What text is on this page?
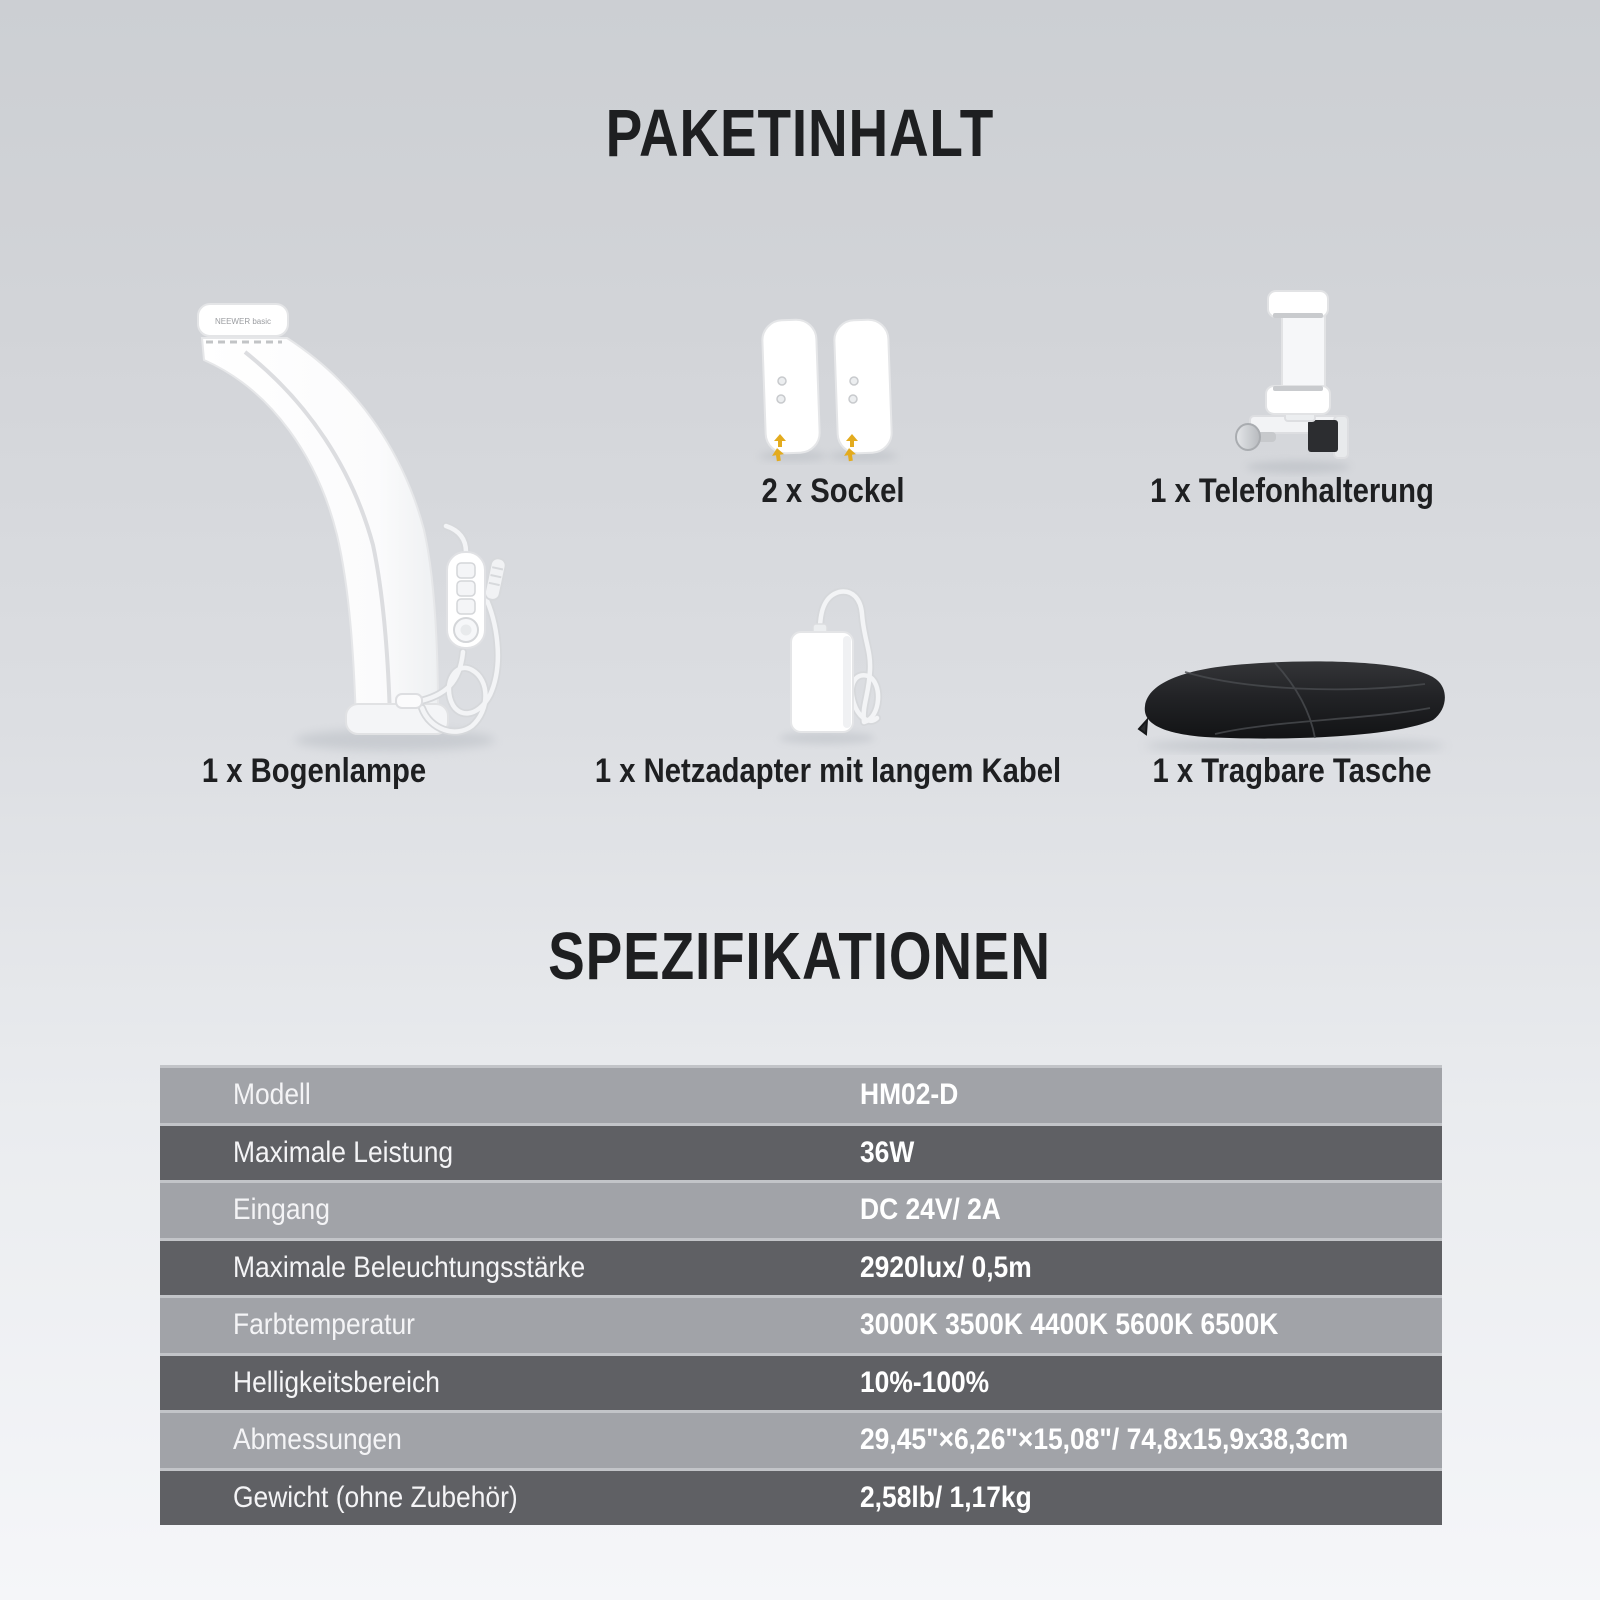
PAKETINHALT
NEEWER basic
1 x Bogenlampe
2 x Sockel	1 x Telefonhalterung
1 x Netzadapter mit langem Kabel	1 x Tragbare Tasche
SPEZIFIKATIONEN
Modell	HM02-D
Maximale Leistung	36W
Eingang	DC 24V/ 2A
Maximale Beleuchtungsstärke	2920lux/ 0,5m
Farbtemperatur	3000K 3500K 4400K 5600K 6500K
Helligkeitsbereich	10%-100%
Abmessungen	29,45"×6,26"×15,08"/ 74,8x15,9x38,3cm
Gewicht (ohne Zubehör)	2,58lb/ 1,17kg
